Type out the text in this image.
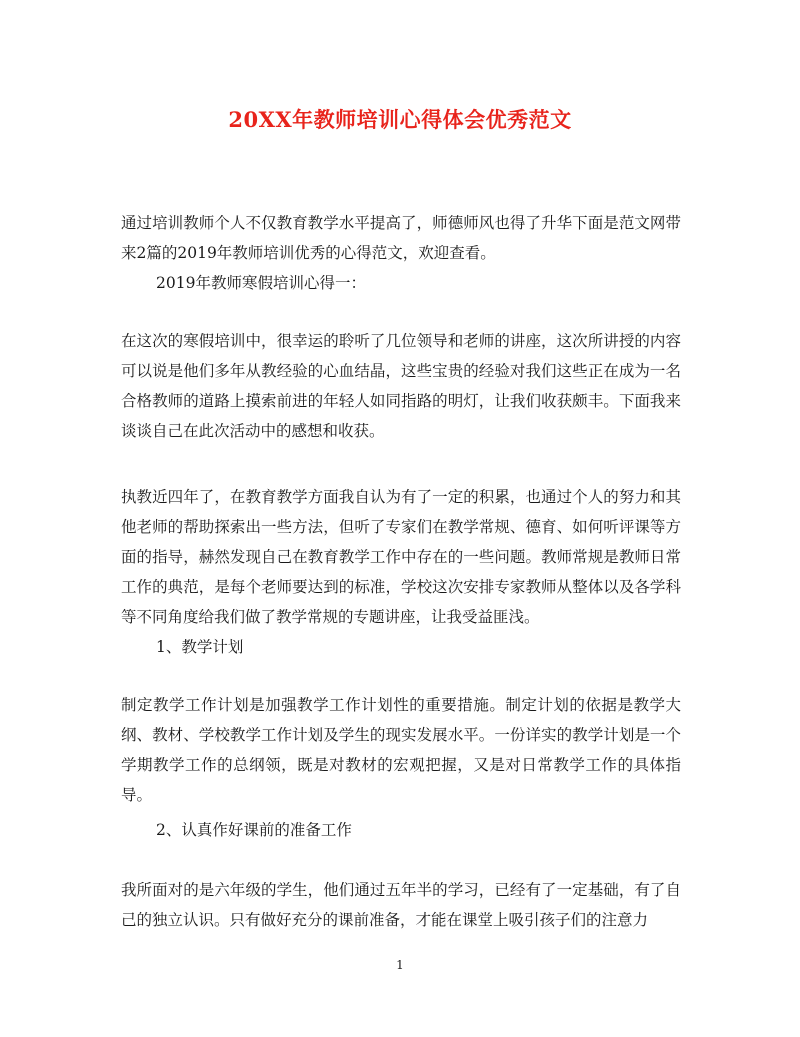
20XX年教师培训心得体会优秀范文

通过培训教师个人不仅教育教学水平提高了，师德师风也得了升华下面是范文网带来2篇的2019年教师培训优秀的心得范文，欢迎查看。

2019年教师寒假培训心得一：

在这次的寒假培训中，很幸运的聆听了几位领导和老师的讲座，这次所讲授的内容可以说是他们多年从教经验的心血结晶，这些宝贵的经验对我们这些正在成为一名合格教师的道路上摸索前进的年轻人如同指路的明灯，让我们收获颇丰。下面我来谈谈自己在此次活动中的感想和收获。

执教近四年了，在教育教学方面我自认为有了一定的积累，也通过个人的努力和其他老师的帮助探索出一些方法，但听了专家们在教学常规、德育、如何听评课等方面的指导，赫然发现自己在教育教学工作中存在的一些问题。教师常规是教师日常工作的典范，是每个老师要达到的标准，学校这次安排专家教师从整体以及各学科等不同角度给我们做了教学常规的专题讲座，让我受益匪浅。

1、教学计划

制定教学工作计划是加强教学工作计划性的重要措施。制定计划的依据是教学大纲、教材、学校教学工作计划及学生的现实发展水平。一份详实的教学计划是一个学期教学工作的总纲领，既是对教材的宏观把握，又是对日常教学工作的具体指导。

2、认真作好课前的准备工作

我所面对的是六年级的学生，他们通过五年半的学习，已经有了一定基础，有了自己的独立认识。只有做好充分的课前准备，才能在课堂上吸引孩子们的注意力

1
